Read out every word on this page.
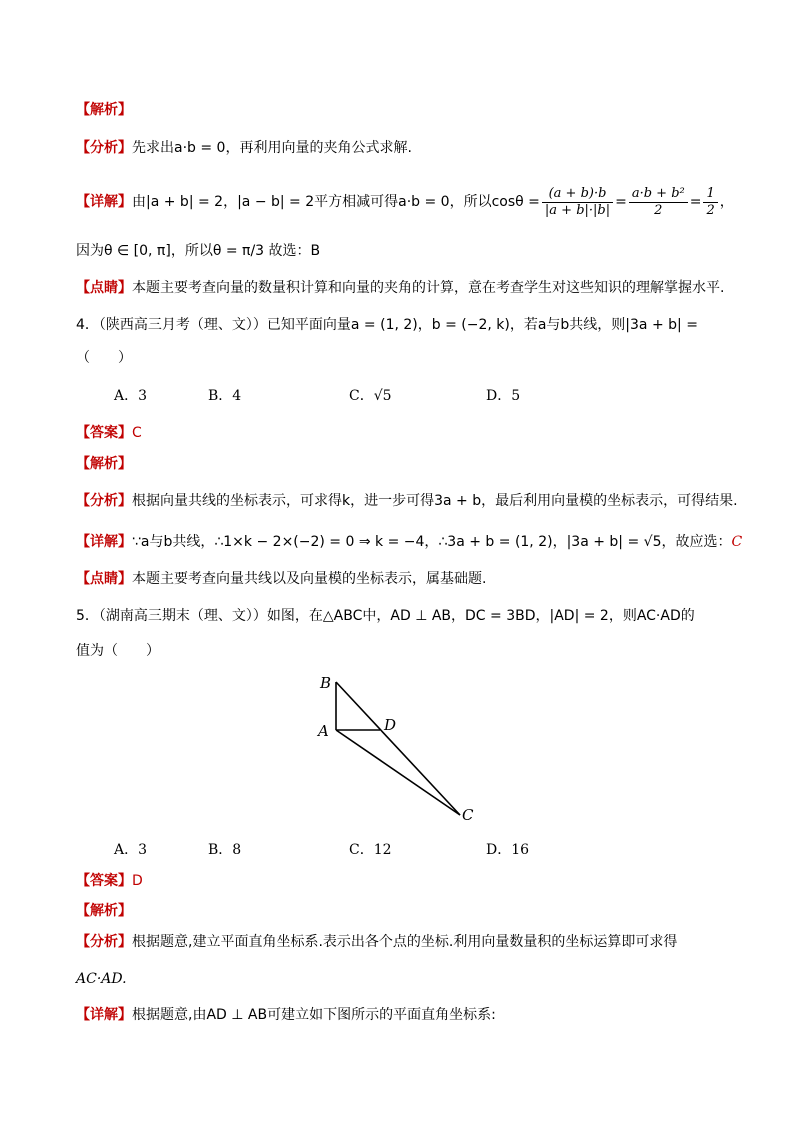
【解析】
【分析】先求出a·b = 0，再利用向量的夹角公式求解.
【详解】由|a + b| = 2，|a − b| = 2平方相减可得a·b = 0，所以$\cos\theta = \frac{(a + b)\cdot b}{|a + b|\cdot|b|} = \frac{\text{a·b + b²}}{2} = \frac{1}{2}$ ，
因为θ ∈ [0, π]，所以θ = π/3 故选：B
【点睛】本题主要考查向量的数量积计算和向量的夹角的计算，意在考查学生对这些知识的理解掌握水平.
4．（陕西高三月考（理、文））已知平面向量a = (1, 2)，b = (−2, k)，若a与b共线，则|3a + b| =
（　　）
A．3	B．4	C．√5	D．5
【答案】C
【解析】
【分析】根据向量共线的坐标表示，可求得k，进一步可得3a + b，最后利用向量模的坐标表示，可得结果.
【详解】∵a与b共线，∴1×k − 2×(−2) = 0 ⇒ k = −4，∴3a + b = (1, 2)，|3a + b| = √5，故应选：C
【点睛】本题主要考查向量共线以及向量模的坐标表示，属基础题.
5．（湖南高三期末（理、文））如图，在△ABC中，AD ⊥ AB，DC = 3BD，|AD| = 2，则AC·AD的
值为（　　）
B
A	D
C
A．3	B．8	C．12	D．16
【答案】D
【解析】
【分析】根据题意,建立平面直角坐标系.表示出各个点的坐标.利用向量数量积的坐标运算即可求得
AC·AD.
【详解】根据题意,由AD ⊥ AB可建立如下图所示的平面直角坐标系:
